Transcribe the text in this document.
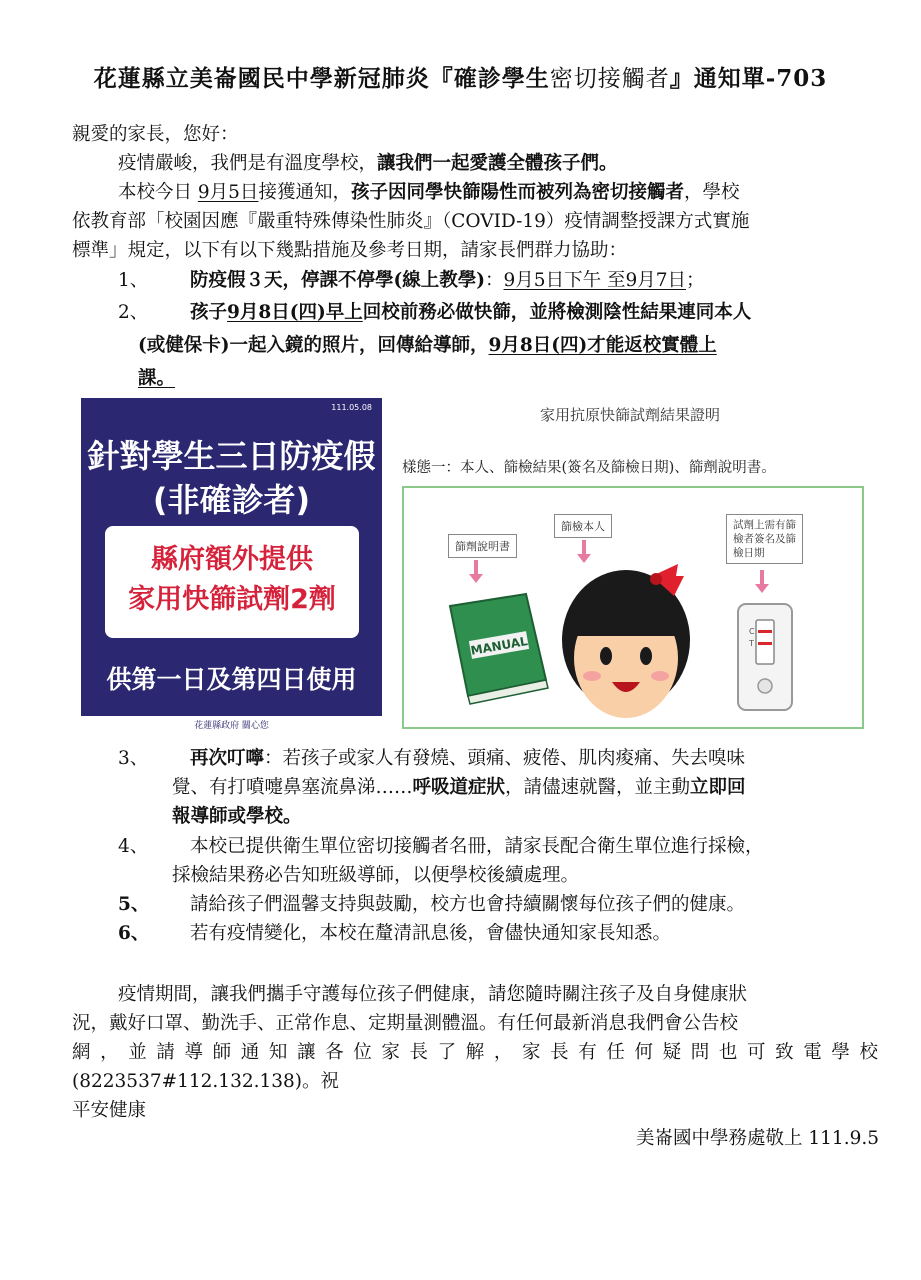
花蓮縣立美崙國民中學新冠肺炎『確診學生密切接觸者』通知單-703
親愛的家長，您好：
疫情嚴峻，我們是有溫度學校，讓我們一起愛護全體孩子們。
本校今日 9月5日接獲通知，孩子因同學快篩陽性而被列為密切接觸者，學校
依教育部「校園因應『嚴重特殊傳染性肺炎』（COVID-19）疫情調整授課方式實施
標準」規定，以下有以下幾點措施及參考日期，請家長們群力協助：
1、 防疫假３天，停課不停學(線上教學)：9月5日下午 至9月7日；
2、 孩子9月8日(四)早上回校前務必做快篩，並將檢測陰性結果連同本人
(或健保卡)一起入鏡的照片，回傳給導師，9月8日(四)才能返校實體上
課。
111.05.08
針對學生三日防疫假
(非確診者)
縣府額外提供
家用快篩試劑2劑
供第一日及第四日使用
花蓮縣政府 關心您
家用抗原快篩試劑結果證明
樣態一：本人、篩檢結果(簽名及篩檢日期)、篩劑說明書。
篩劑說明書
MANUAL
篩檢本人	試劑上需有篩
檢者簽名及篩
檢日期
C
T
3、 再次叮嚀：若孩子或家人有發燒、頭痛、疲倦、肌肉痠痛、失去嗅味
覺、有打噴嚏鼻塞流鼻涕……呼吸道症狀，請儘速就醫，並主動立即回
報導師或學校。
4、 本校已提供衛生單位密切接觸者名冊，請家長配合衛生單位進行採檢，
採檢結果務必告知班級導師，以便學校後續處理。
5、 請給孩子們溫馨支持與鼓勵，校方也會持續關懷每位孩子們的健康。
6、 若有疫情變化，本校在釐清訊息後，會儘快通知家長知悉。
疫情期間，讓我們攜手守護每位孩子們健康，請您隨時關注孩子及自身健康狀
況，戴好口罩、勤洗手、正常作息、定期量測體溫。有任何最新消息我們會公告校
網，並請導師通知讓各位家長了解，家長有任何疑問也可致電學校
(8223537#112.132.138)。祝
平安健康
美崙國中學務處敬上 111.9.5
